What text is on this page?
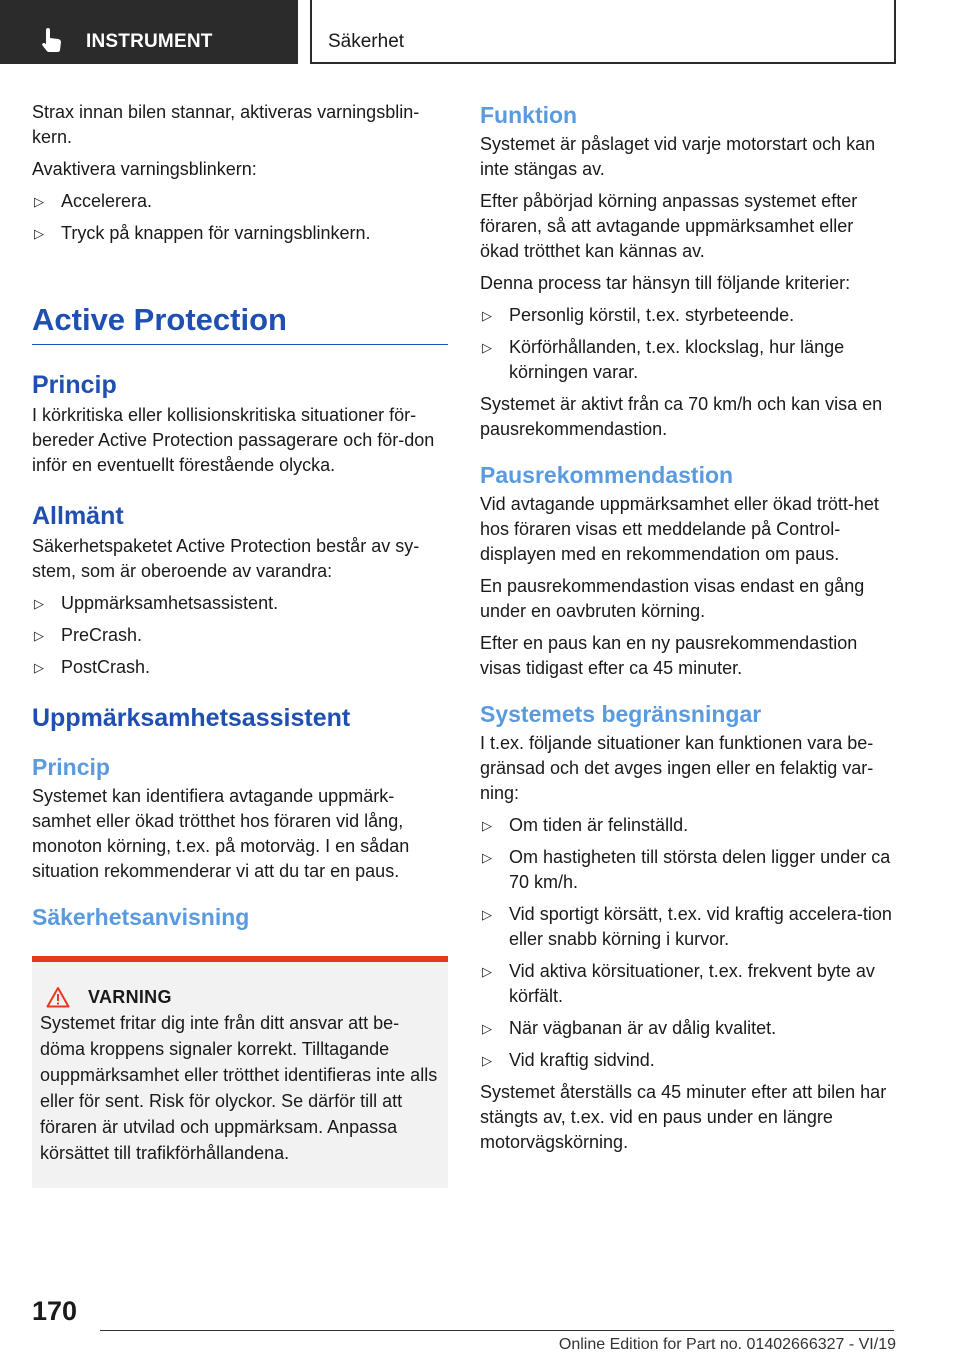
INSTRUMENT	Säkerhet

Strax innan bilen stannar, aktiveras varningsblin‐kern.

Avaktivera varningsblinkern:

▷ Accelerera.
▷ Tryck på knappen för varningsblinkern.
Active Protection
Princip

I körkritiska eller kollisionskritiska situationer för‐bereder Active Protection passagerare och för‐don inför en eventuellt förestående olycka.

Allmänt

Säkerhetspaketet Active Protection består av sy‐stem, som är oberoende av varandra:

▷ Uppmärksamhetsassistent.
▷ PreCrash.
▷ PostCrash.
Uppmärksamhetsassistent
Princip

Systemet kan identifiera avtagande uppmärk‐samhet eller ökad trötthet hos föraren vid lång, monoton körning, t.ex. på motorväg. I en sådan situation rekommenderar vi att du tar en paus.

Säkerhetsanvisning
VARNING

Systemet fritar dig inte från ditt ansvar att be‐döma kroppens signaler korrekt. Tilltagande ouppmärksamhet eller trötthet identifieras inte alls eller för sent. Risk för olyckor. Se därför till att föraren är utvilad och uppmärksam. Anpassa körsättet till trafikförhållandena.

Funktion

Systemet är påslaget vid varje motorstart och kan inte stängas av.

Efter påbörjad körning anpassas systemet efter föraren, så att avtagande uppmärksamhet eller ökad trötthet kan kännas av.

Denna process tar hänsyn till följande kriterier:

▷ Personlig körstil, t.ex. styrbeteende.
▷ Körförhållanden, t.ex. klockslag, hur länge körningen varar.

Systemet är aktivt från ca 70 km/h och kan visa en pausrekommendastion.

Pausrekommendastion

Vid avtagande uppmärksamhet eller ökad trött‐het hos föraren visas ett meddelande på Control-displayen med en rekommendation om paus.

En pausrekommendastion visas endast en gång under en oavbruten körning.

Efter en paus kan en ny pausrekommendastion visas tidigast efter ca 45 minuter.

Systemets begränsningar

I t.ex. följande situationer kan funktionen vara be‐gränsad och det avges ingen eller en felaktig var‐ning:

▷ Om tiden är felinställd.
▷ Om hastigheten till största delen ligger under ca 70 km/h.
▷ Vid sportigt körsätt, t.ex. vid kraftig accelera‐tion eller snabb körning i kurvor.
▷ Vid aktiva körsituationer, t.ex. frekvent byte av körfält.
▷ När vägbanan är av dålig kvalitet.
▷ Vid kraftig sidvind.

Systemet återställs ca 45 minuter efter att bilen har stängts av, t.ex. vid en paus under en längre motorvägskörning.

170
Online Edition for Part no. 01402666327 - VI/19
